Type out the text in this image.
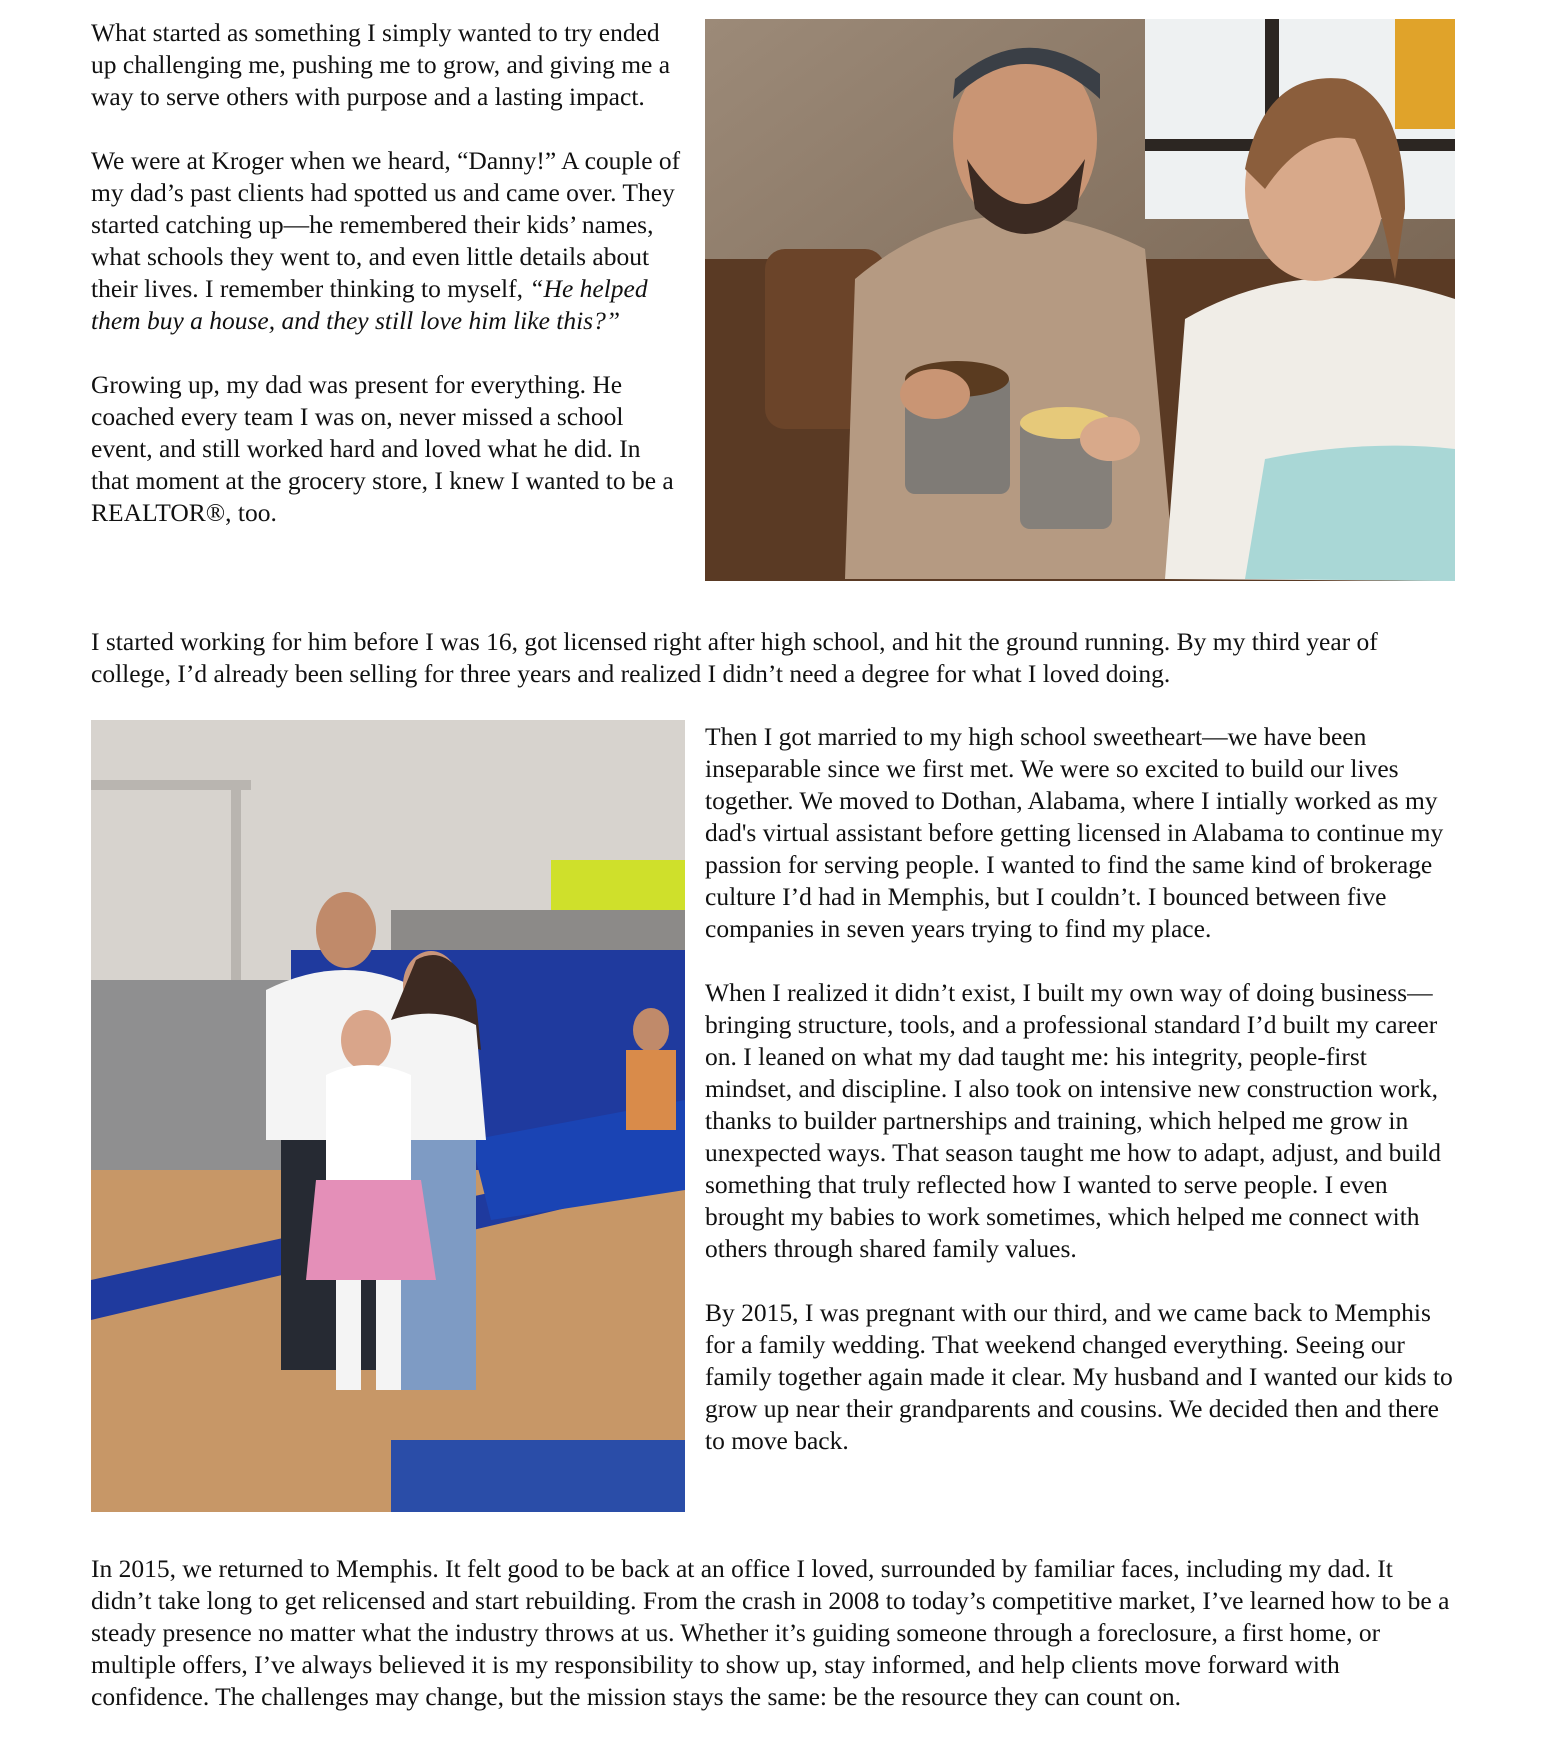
What started as something I simply wanted to try ended up challenging me, pushing me to grow, and giving me a way to serve others with purpose and a lasting impact.

We were at Kroger when we heard, “Danny!” A couple of my dad’s past clients had spotted us and came over. They started catching up—he remembered their kids’ names, what schools they went to, and even little details about their lives. I remember thinking to myself, “He helped them buy a house, and they still love him like this?”

Growing up, my dad was present for everything. He coached every team I was on, never missed a school event, and still worked hard and loved what he did. In that moment at the grocery store, I knew I wanted to be a REALTOR®, too.

I started working for him before I was 16, got licensed right after high school, and hit the ground running. By my third year of college, I’d already been selling for three years and realized I didn’t need a degree for what I loved doing.

Then I got married to my high school sweetheart—we have been inseparable since we first met. We were so excited to build our lives together. We moved to Dothan, Alabama, where I intially worked as my dad's virtual assistant before getting licensed in Alabama to continue my passion for serving people. I wanted to find the same kind of brokerage culture I’d had in Memphis, but I couldn’t. I bounced between five companies in seven years trying to find my place.

When I realized it didn’t exist, I built my own way of doing business—bringing structure, tools, and a professional standard I’d built my career on. I leaned on what my dad taught me: his integrity, people-first mindset, and discipline. I also took on intensive new construction work, thanks to builder partnerships and training, which helped me grow in unexpected ways. That season taught me how to adapt, adjust, and build something that truly reflected how I wanted to serve people. I even brought my babies to work sometimes, which helped me connect with others through shared family values.

By 2015, I was pregnant with our third, and we came back to Memphis for a family wedding. That weekend changed everything. Seeing our family together again made it clear. My husband and I wanted our kids to grow up near their grandparents and cousins. We decided then and there to move back.

In 2015, we returned to Memphis. It felt good to be back at an office I loved, surrounded by familiar faces, including my dad. It didn’t take long to get relicensed and start rebuilding. From the crash in 2008 to today’s competitive market, I’ve learned how to be a steady presence no matter what the industry throws at us. Whether it’s guiding someone through a foreclosure, a first home, or multiple offers, I’ve always believed it is my responsibility to show up, stay informed, and help clients move forward with confidence. The challenges may change, but the mission stays the same: be the resource they can count on.
